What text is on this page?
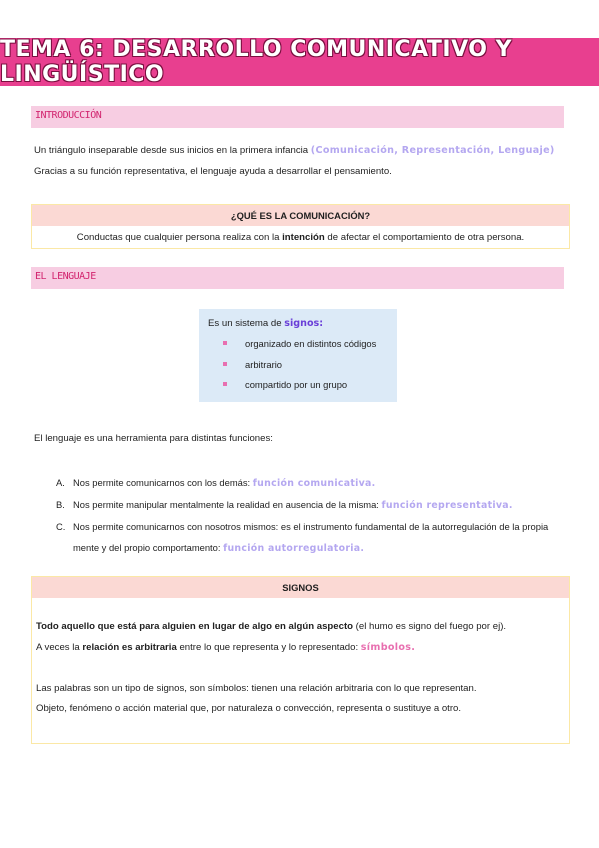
TEMA 6: DESARROLLO COMUNICATIVO Y LINGÜÍSTICO
INTRODUCCIÓN
Un triángulo inseparable desde sus inicios en la primera infancia (Comunicación, Representación, Lenguaje)
Gracias a su función representativa, el lenguaje ayuda a desarrollar el pensamiento.
¿QUÉ ES LA COMUNICACIÓN?
Conductas que cualquier persona realiza con la intención de afectar el comportamiento de otra persona.
EL LENGUAJE
Es un sistema de signos:
organizado en distintos códigos
arbitrario
compartido por un grupo
El lenguaje es una herramienta para distintas funciones:
A. Nos permite comunicarnos con los demás: función comunicativa.
B. Nos permite manipular mentalmente la realidad en ausencia de la misma: función representativa.
C. Nos permite comunicarnos con nosotros mismos: es el instrumento fundamental de la autorregulación de la propia mente y del propio comportamento: función autorregulatoria.
SIGNOS
Todo aquello que está para alguien en lugar de algo en algún aspecto (el humo es signo del fuego por ej).
A veces la relación es arbitraria entre lo que representa y lo representado: símbolos.
Las palabras son un tipo de signos, son símbolos: tienen una relación arbitraria con lo que representan.
Objeto, fenómeno o acción material que, por naturaleza o convección, representa o sustituye a otro.
